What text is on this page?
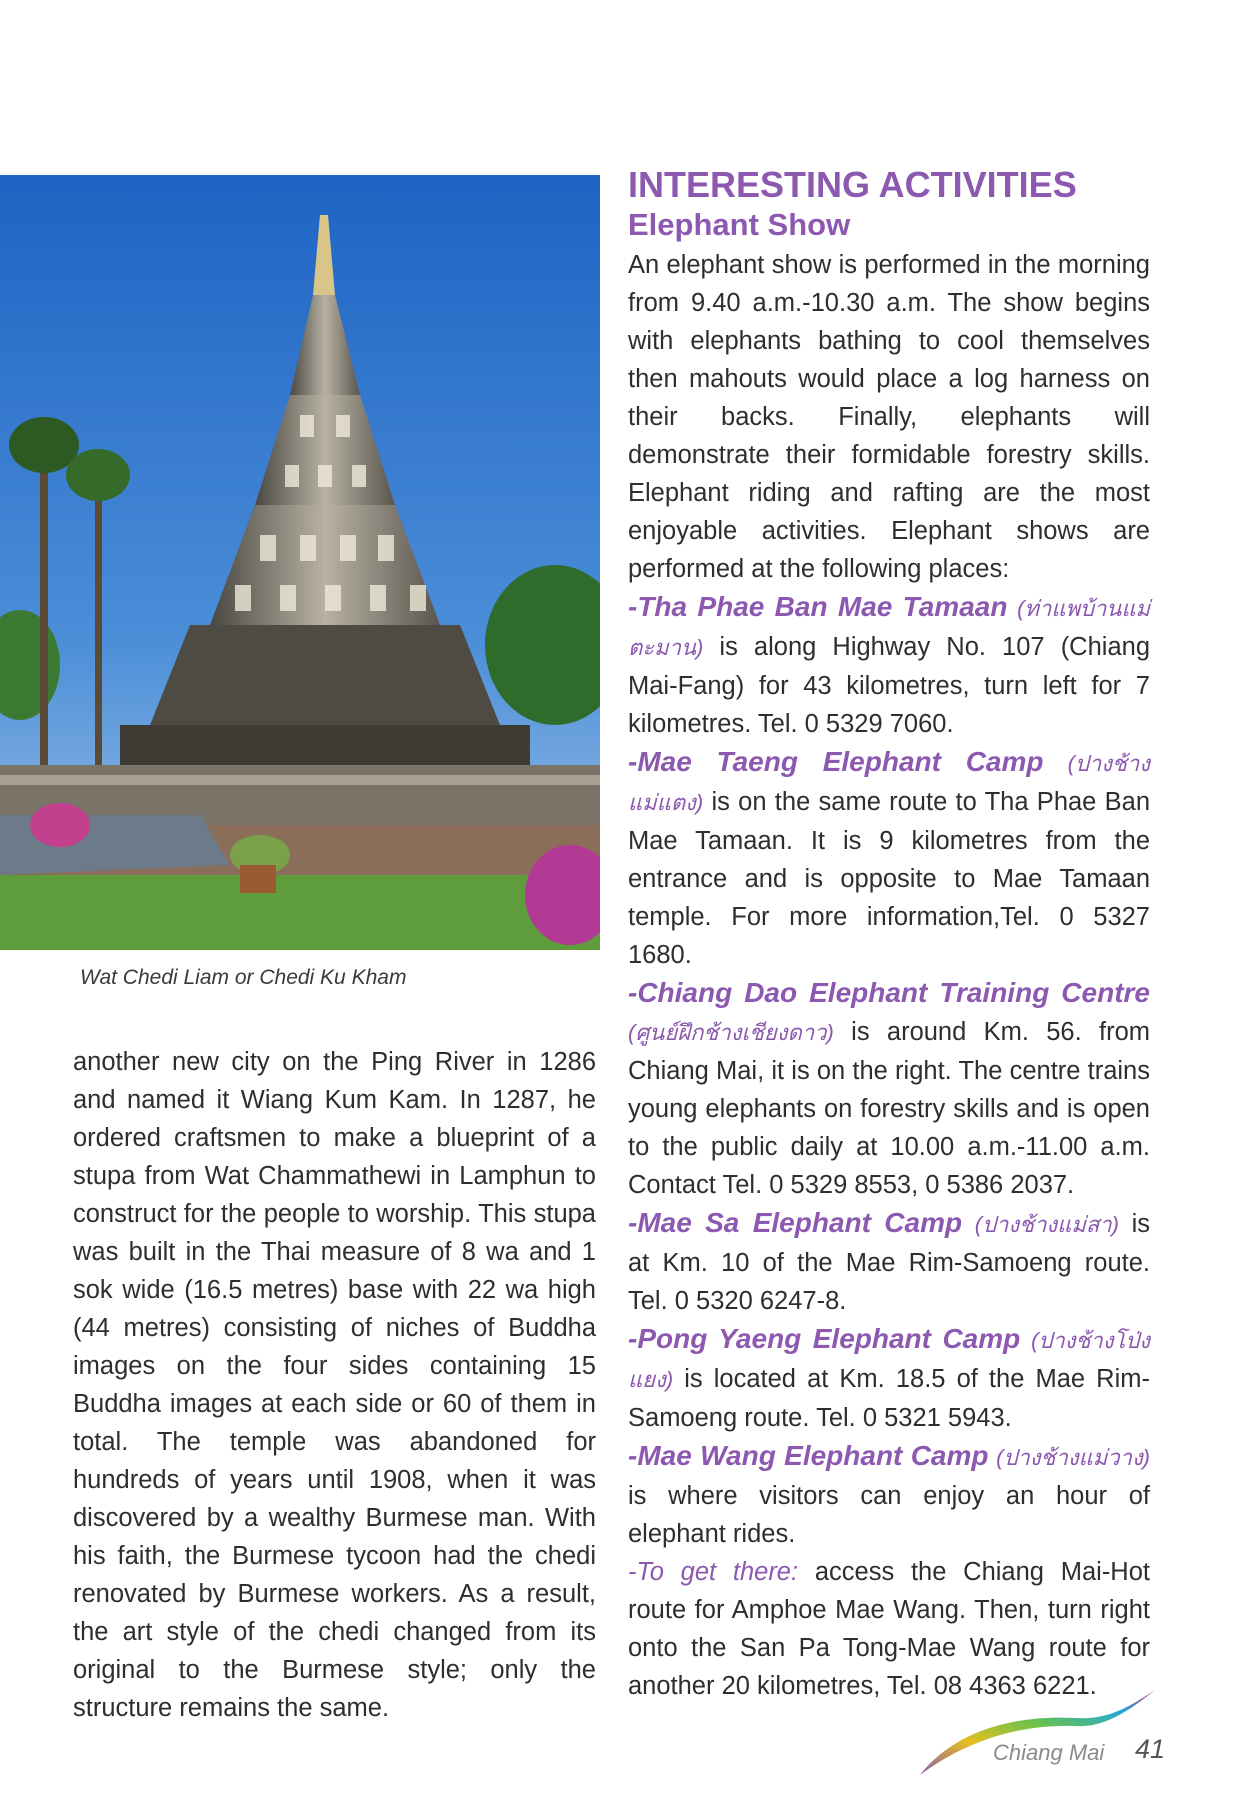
Wat Chedi Liam or Chedi Ku Kham
another new city on the Ping River in 1286 and named it Wiang Kum Kam. In 1287, he ordered craftsmen to make a blueprint of a stupa from Wat Chammathewi in Lamphun to construct for the people to worship. This stupa was built in the Thai measure of 8 wa and 1 sok wide (16.5 metres) base with 22 wa high (44 metres) consisting of niches of Buddha images on the four sides containing 15 Buddha images at each side or 60 of them in total. The temple was abandoned for hundreds of years until 1908, when it was discovered by a wealthy Burmese man. With his faith, the Burmese tycoon had the chedi renovated by Burmese workers. As a result, the art style of the chedi changed from its original to the Burmese style; only the structure remains the same.
INTERESTING ACTIVITIES
Elephant Show

An elephant show is performed in the morning from 9.40 a.m.-10.30 a.m. The show begins with elephants bathing to cool themselves then mahouts would place a log harness on their backs. Finally, elephants will demonstrate their formidable forestry skills. Elephant riding and rafting are the most enjoyable activities. Elephant shows are performed at the following places:

-Tha Phae Ban Mae Tamaan (ท่าแพบ้านแม่ตะมาน) is along Highway No. 107 (Chiang Mai-Fang) for 43 kilometres, turn left for 7 kilometres. Tel. 0 5329 7060.

-Mae Taeng Elephant Camp (ปางช้างแม่แตง) is on the same route to Tha Phae Ban Mae Tamaan. It is 9 kilometres from the entrance and is opposite to Mae Tamaan temple. For more information,Tel. 0 5327 1680.

-Chiang Dao Elephant Training Centre (ศูนย์ฝึกช้างเชียงดาว) is around Km. 56. from Chiang Mai, it is on the right. The centre trains young elephants on forestry skills and is open to the public daily at 10.00 a.m.-11.00 a.m. Contact Tel. 0 5329 8553, 0 5386 2037.

-Mae Sa Elephant Camp (ปางช้างแม่สา) is at Km. 10 of the Mae Rim-Samoeng route. Tel. 0 5320 6247-8.

-Pong Yaeng Elephant Camp (ปางช้างโป่งแยง) is located at Km. 18.5 of the Mae Rim-Samoeng route. Tel. 0 5321 5943.

-Mae Wang Elephant Camp (ปางช้างแม่วาง) is where visitors can enjoy an hour of elephant rides.

-To get there: access the Chiang Mai-Hot route for Amphoe Mae Wang. Then, turn right onto the San Pa Tong-Mae Wang route for another 20 kilometres, Tel. 08 4363 6221.

Chiang Mai 41
